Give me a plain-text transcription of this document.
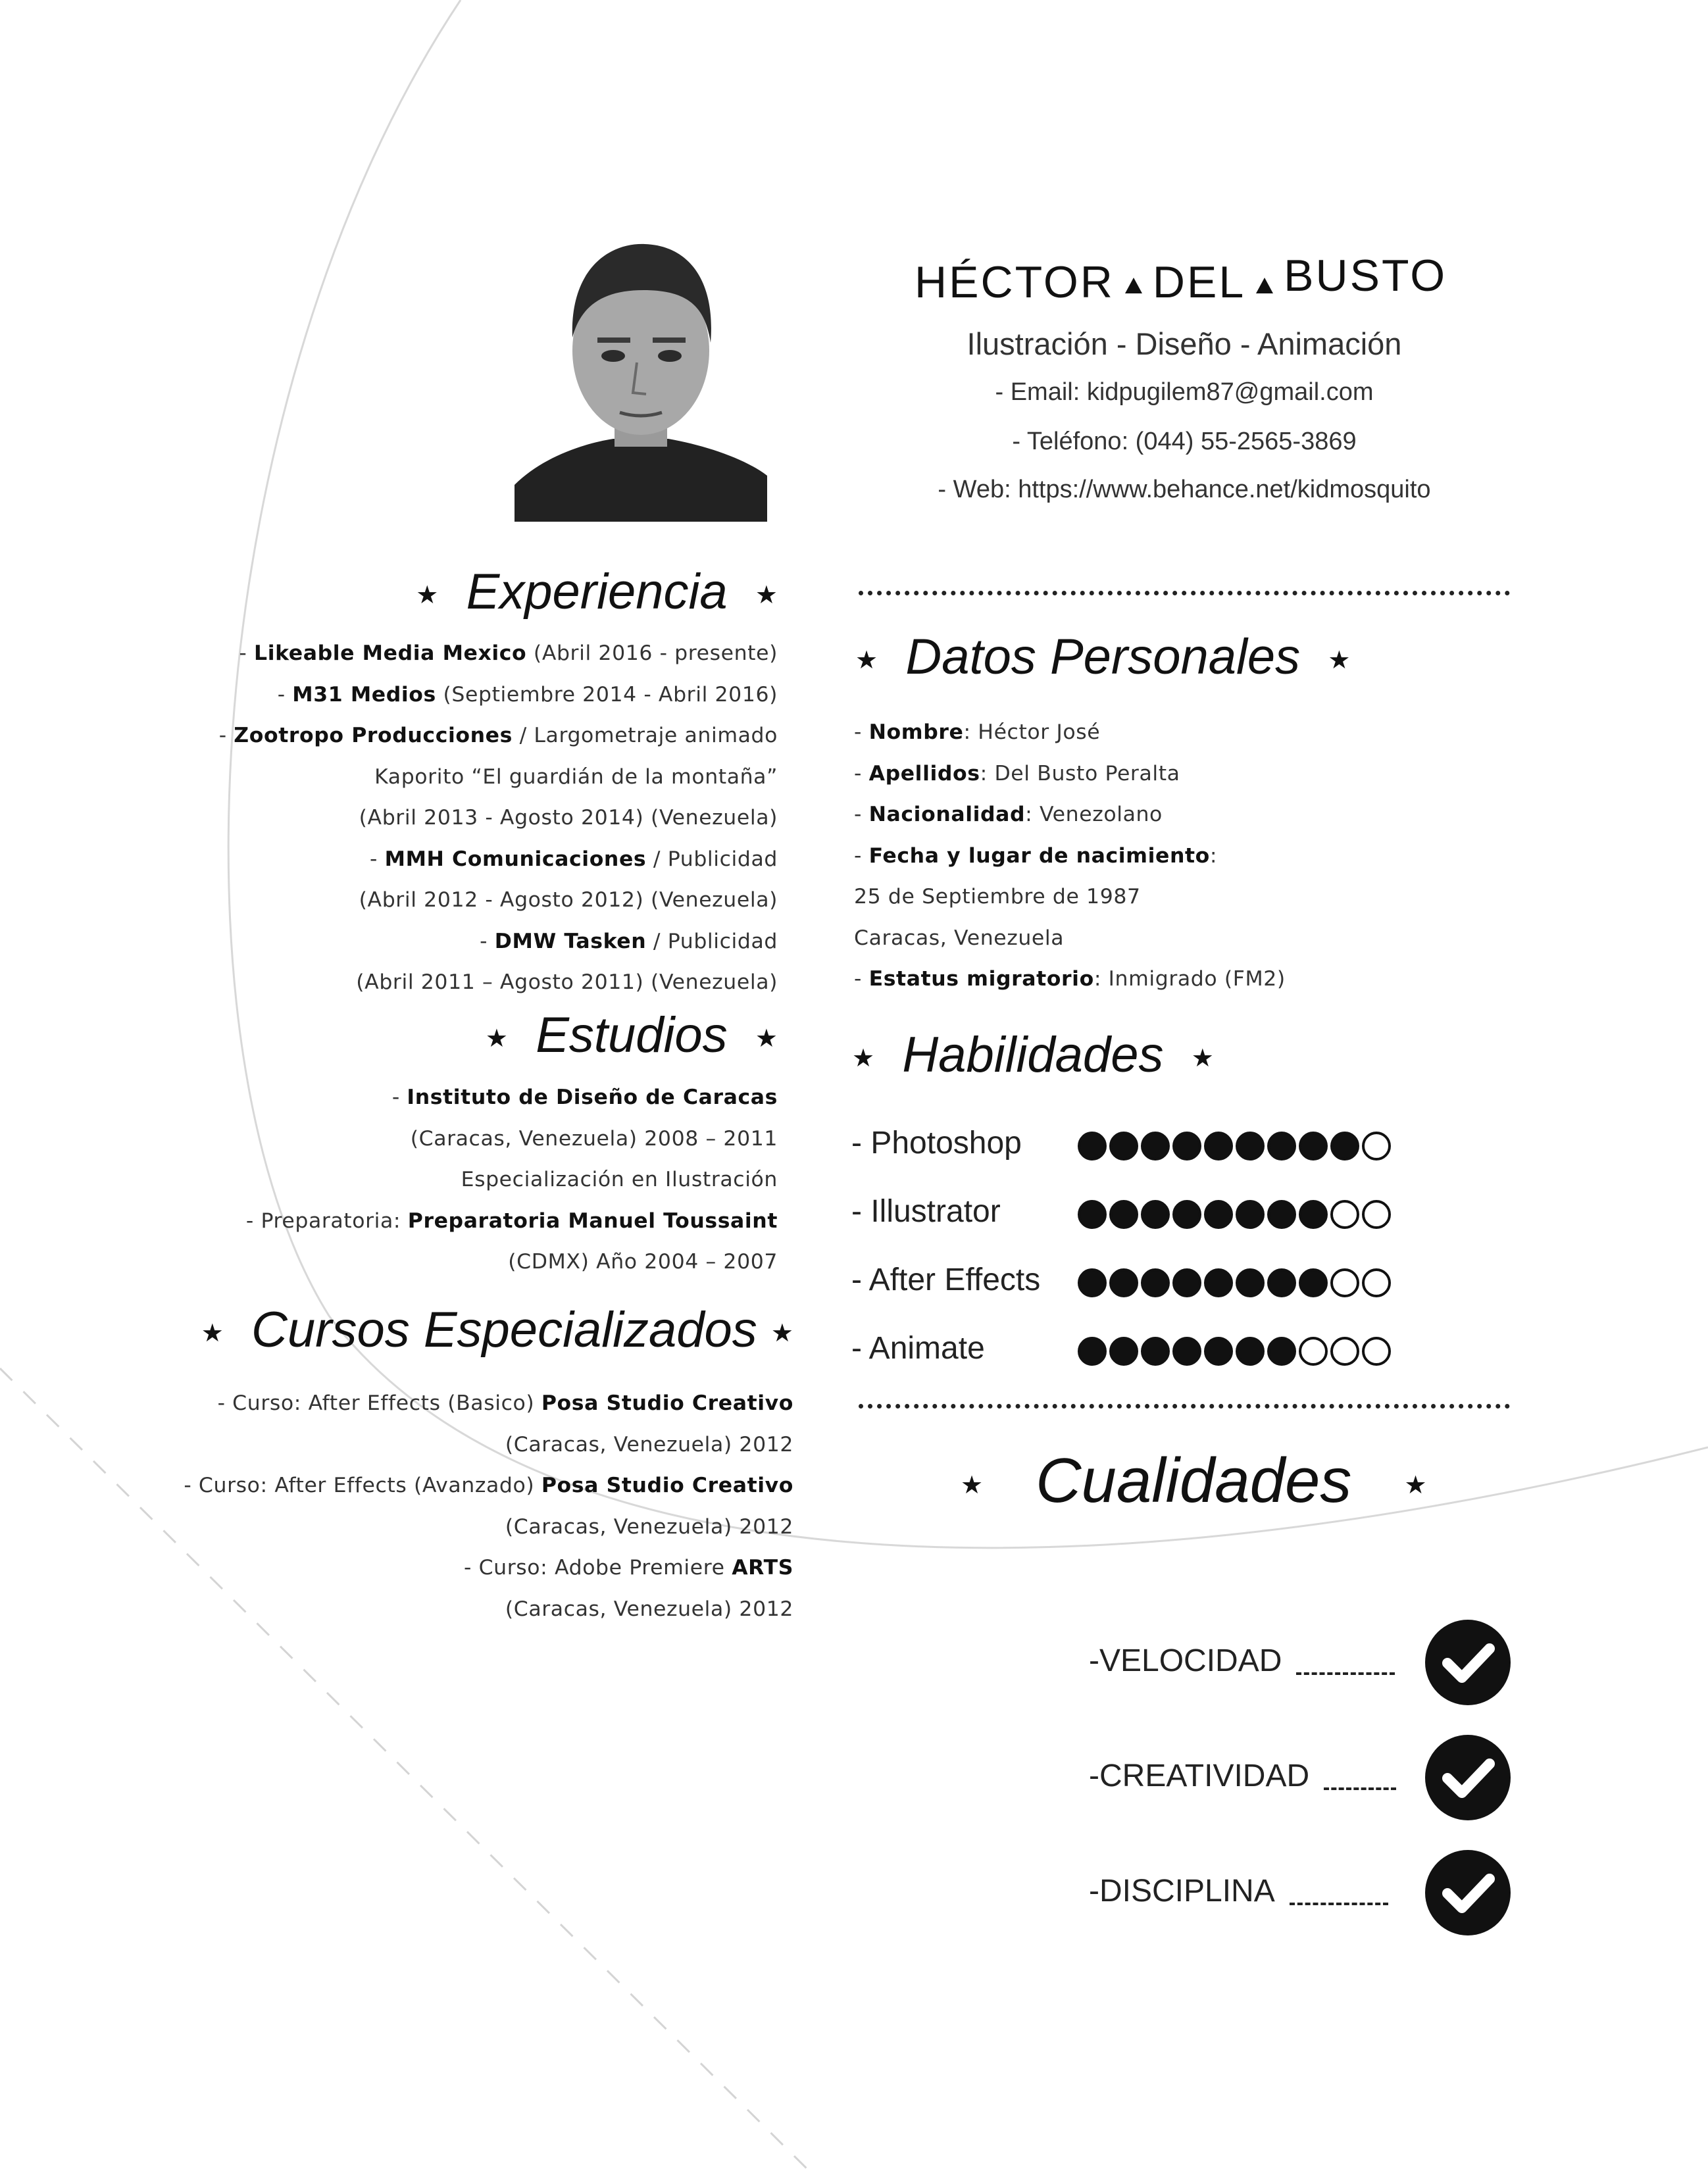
HÉCTOR DEL BUSTO
Ilustración - Diseño - Animación
- Email: kidpugilem87@gmail.com
- Teléfono: (044) 55-2565-3869
- Web: https://www.behance.net/kidmosquito
★ Experiencia ★
- Likeable Media Mexico (Abril 2016 - presente)
- M31 Medios (Septiembre 2014 - Abril 2016)
- Zootropo Producciones / Largometraje animado
Kaporito “El guardián de la montaña”
(Abril 2013 - Agosto 2014) (Venezuela)
- MMH Comunicaciones / Publicidad
(Abril 2012 - Agosto 2012) (Venezuela)
- DMW Tasken / Publicidad
(Abril 2011 – Agosto 2011) (Venezuela)
★ Estudios ★
- Instituto de Diseño de Caracas
(Caracas, Venezuela) 2008 – 2011
Especialización en Ilustración
- Preparatoria: Preparatoria Manuel Toussaint
(CDMX) Año 2004 – 2007
★ Cursos Especializados ★
- Curso: After Effects (Basico) Posa Studio Creativo
(Caracas, Venezuela) 2012
- Curso: After Effects (Avanzado) Posa Studio Creativo
(Caracas, Venezuela) 2012
- Curso: Adobe Premiere ARTS
(Caracas, Venezuela) 2012
★ Datos Personales ★
- Nombre: Héctor José
- Apellidos: Del Busto Peralta
- Nacionalidad: Venezolano
- Fecha y lugar de nacimiento:
25 de Septiembre de 1987
Caracas, Venezuela
- Estatus migratorio: Inmigrado (FM2)
★ Habilidades ★
- Photoshop
- Illustrator
- After Effects
- Animate
★ Cualidades ★
-VELOCIDAD
-CREATIVIDAD
-DISCIPLINA
